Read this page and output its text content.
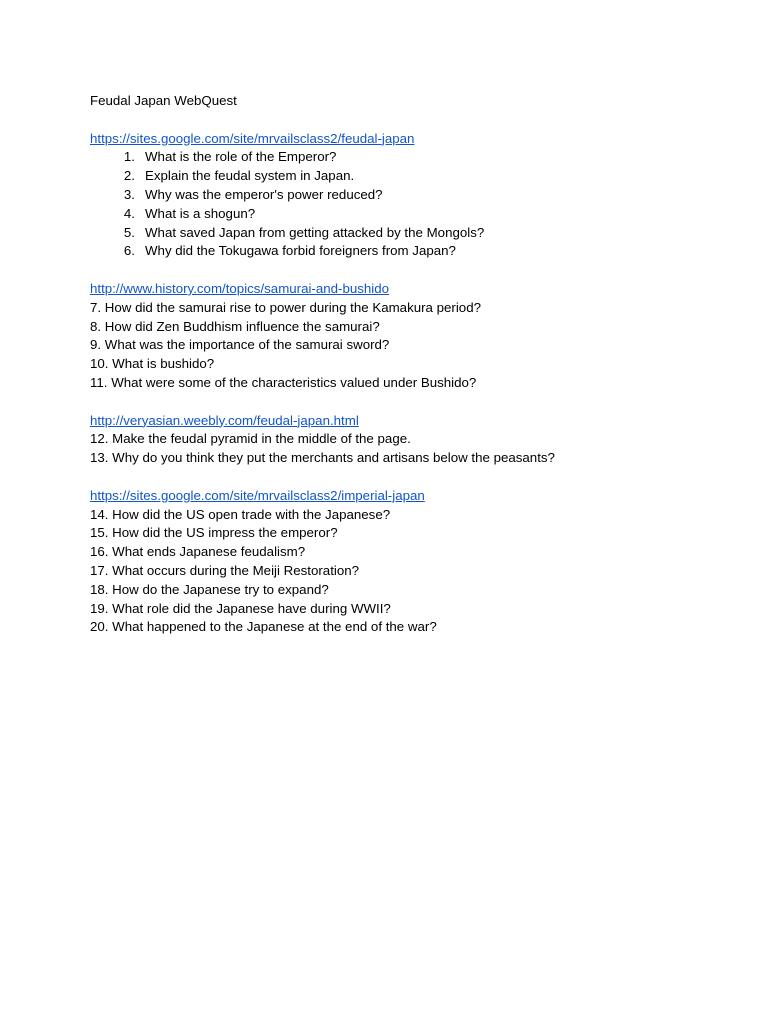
Feudal Japan WebQuest
https://sites.google.com/site/mrvailsclass2/feudal-japan
1. What is the role of the Emperor?
2. Explain the feudal system in Japan.
3. Why was the emperor's power reduced?
4. What is a shogun?
5. What saved Japan from getting attacked by the Mongols?
6. Why did the Tokugawa forbid foreigners from Japan?
http://www.history.com/topics/samurai-and-bushido
7. How did the samurai rise to power during the Kamakura period?
8. How did Zen Buddhism influence the samurai?
9. What was the importance of the samurai sword?
10. What is bushido?
11. What were some of the characteristics valued under Bushido?
http://veryasian.weebly.com/feudal-japan.html
12. Make the feudal pyramid in the middle of the page.
13. Why do you think they put the merchants and artisans below the peasants?
https://sites.google.com/site/mrvailsclass2/imperial-japan
14. How did the US open trade with the Japanese?
15. How did the US impress the emperor?
16. What ends Japanese feudalism?
17. What occurs during the Meiji Restoration?
18. How do the Japanese try to expand?
19. What role did the Japanese have during WWII?
20. What happened to the Japanese at the end of the war?
